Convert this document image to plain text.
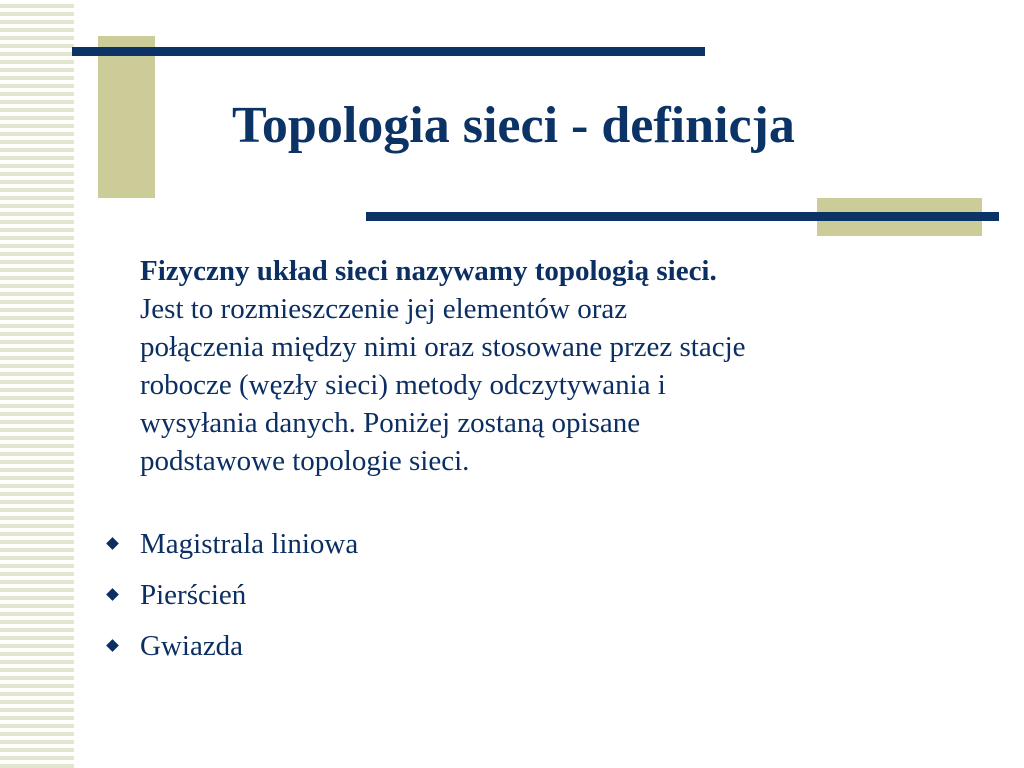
Topologia sieci - definicja
Fizyczny układ sieci nazywamy topologią sieci.
Jest to rozmieszczenie jej elementów oraz
połączenia między nimi oraz stosowane przez stacje
robocze (węzły sieci) metody odczytywania i
wysyłania danych. Poniżej zostaną opisane
podstawowe topologie sieci.
Magistrala liniowa
Pierścień
Gwiazda
